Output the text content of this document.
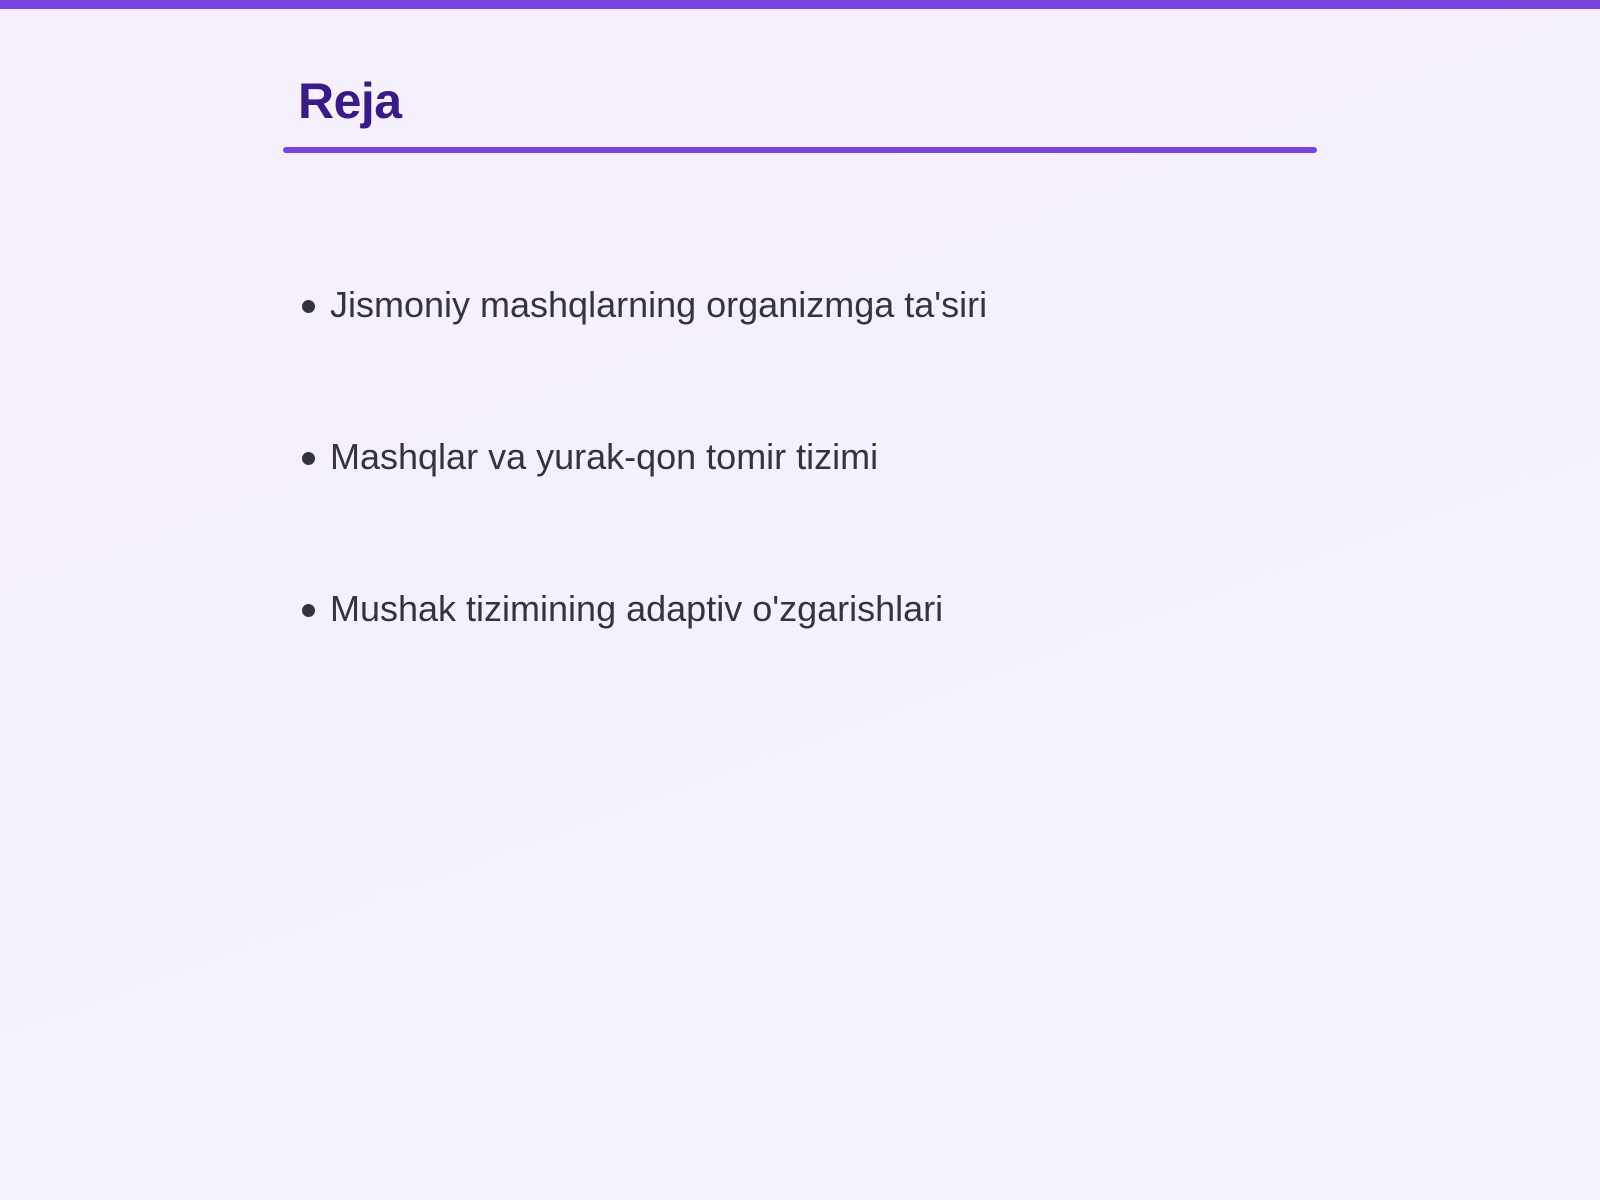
Reja
Jismoniy mashqlarning organizmga ta'siri
Mashqlar va yurak-qon tomir tizimi
Mushak tizimining adaptiv o'zgarishlari
